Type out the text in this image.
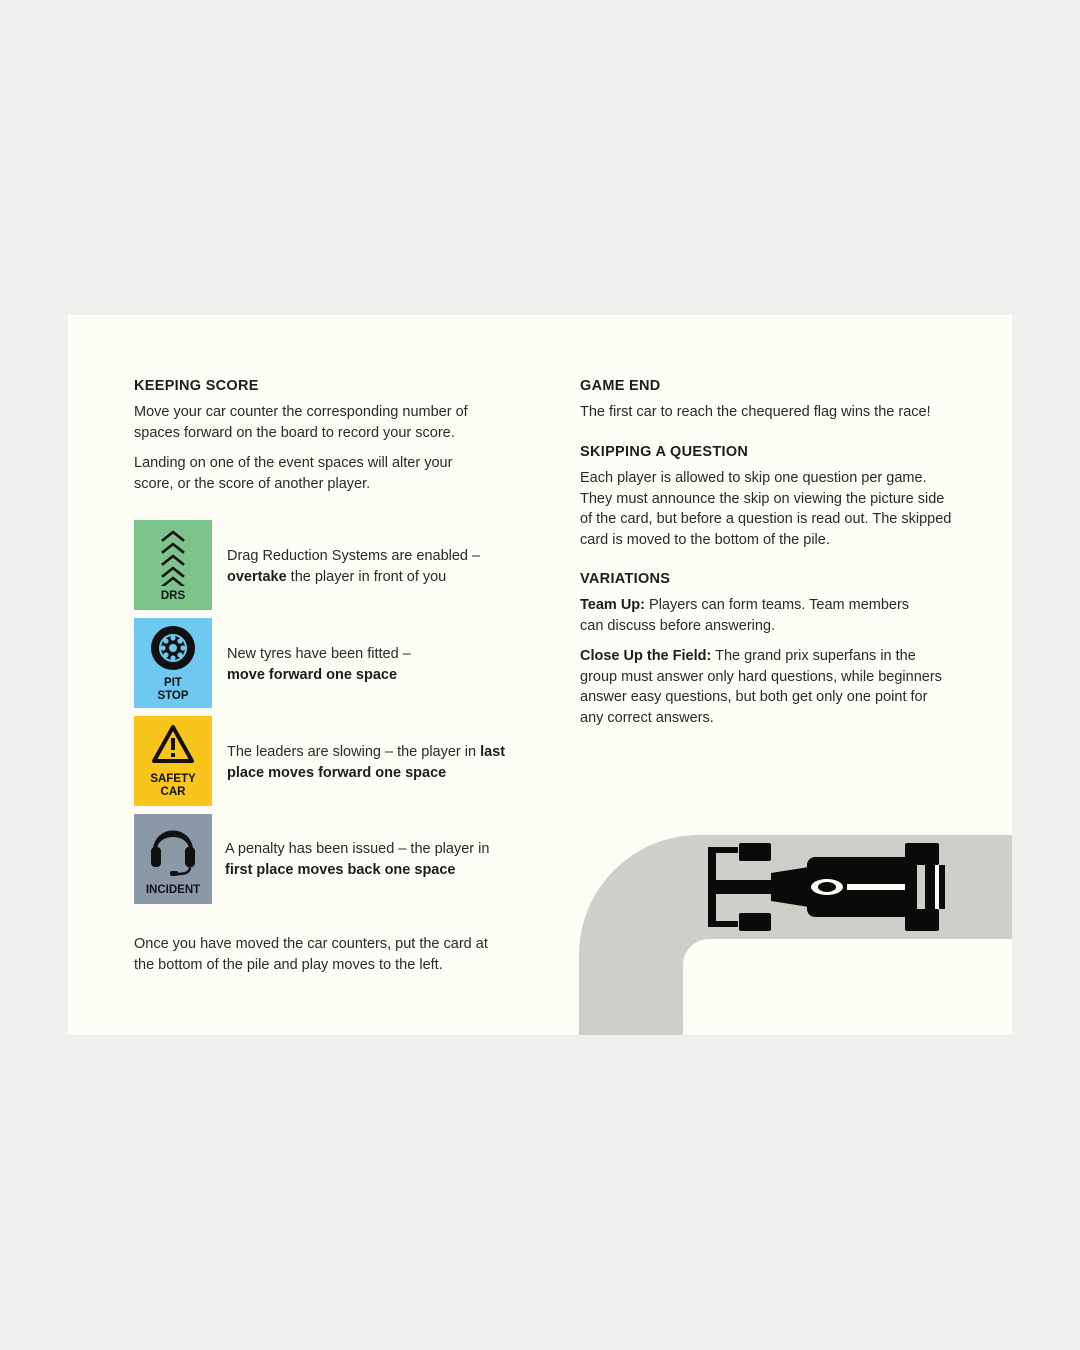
KEEPING SCORE

Move your car counter the corresponding number of spaces forward on the board to record your score.

Landing on one of the event spaces will alter your score, or the score of another player.

DRS
Drag Reduction Systems are enabled – overtake the player in front of you
PIT
STOP
New tyres have been fitted –
move forward one space
SAFETY
CAR
The leaders are slowing – the player in last place moves forward one space
INCIDENT
A penalty has been issued – the player in first place moves back one space

Once you have moved the car counters, put the card at the bottom of the pile and play moves to the left.

GAME END

The first car to reach the chequered flag wins the race!

SKIPPING A QUESTION

Each player is allowed to skip one question per game. They must announce the skip on viewing the picture side of the card, but before a question is read out. The skipped card is moved to the bottom of the pile.

VARIATIONS

Team Up: Players can form teams. Team members can discuss before answering.

Close Up the Field: The grand prix superfans in the group must answer only hard questions, while beginners answer easy questions, but both get only one point for any correct answers.
